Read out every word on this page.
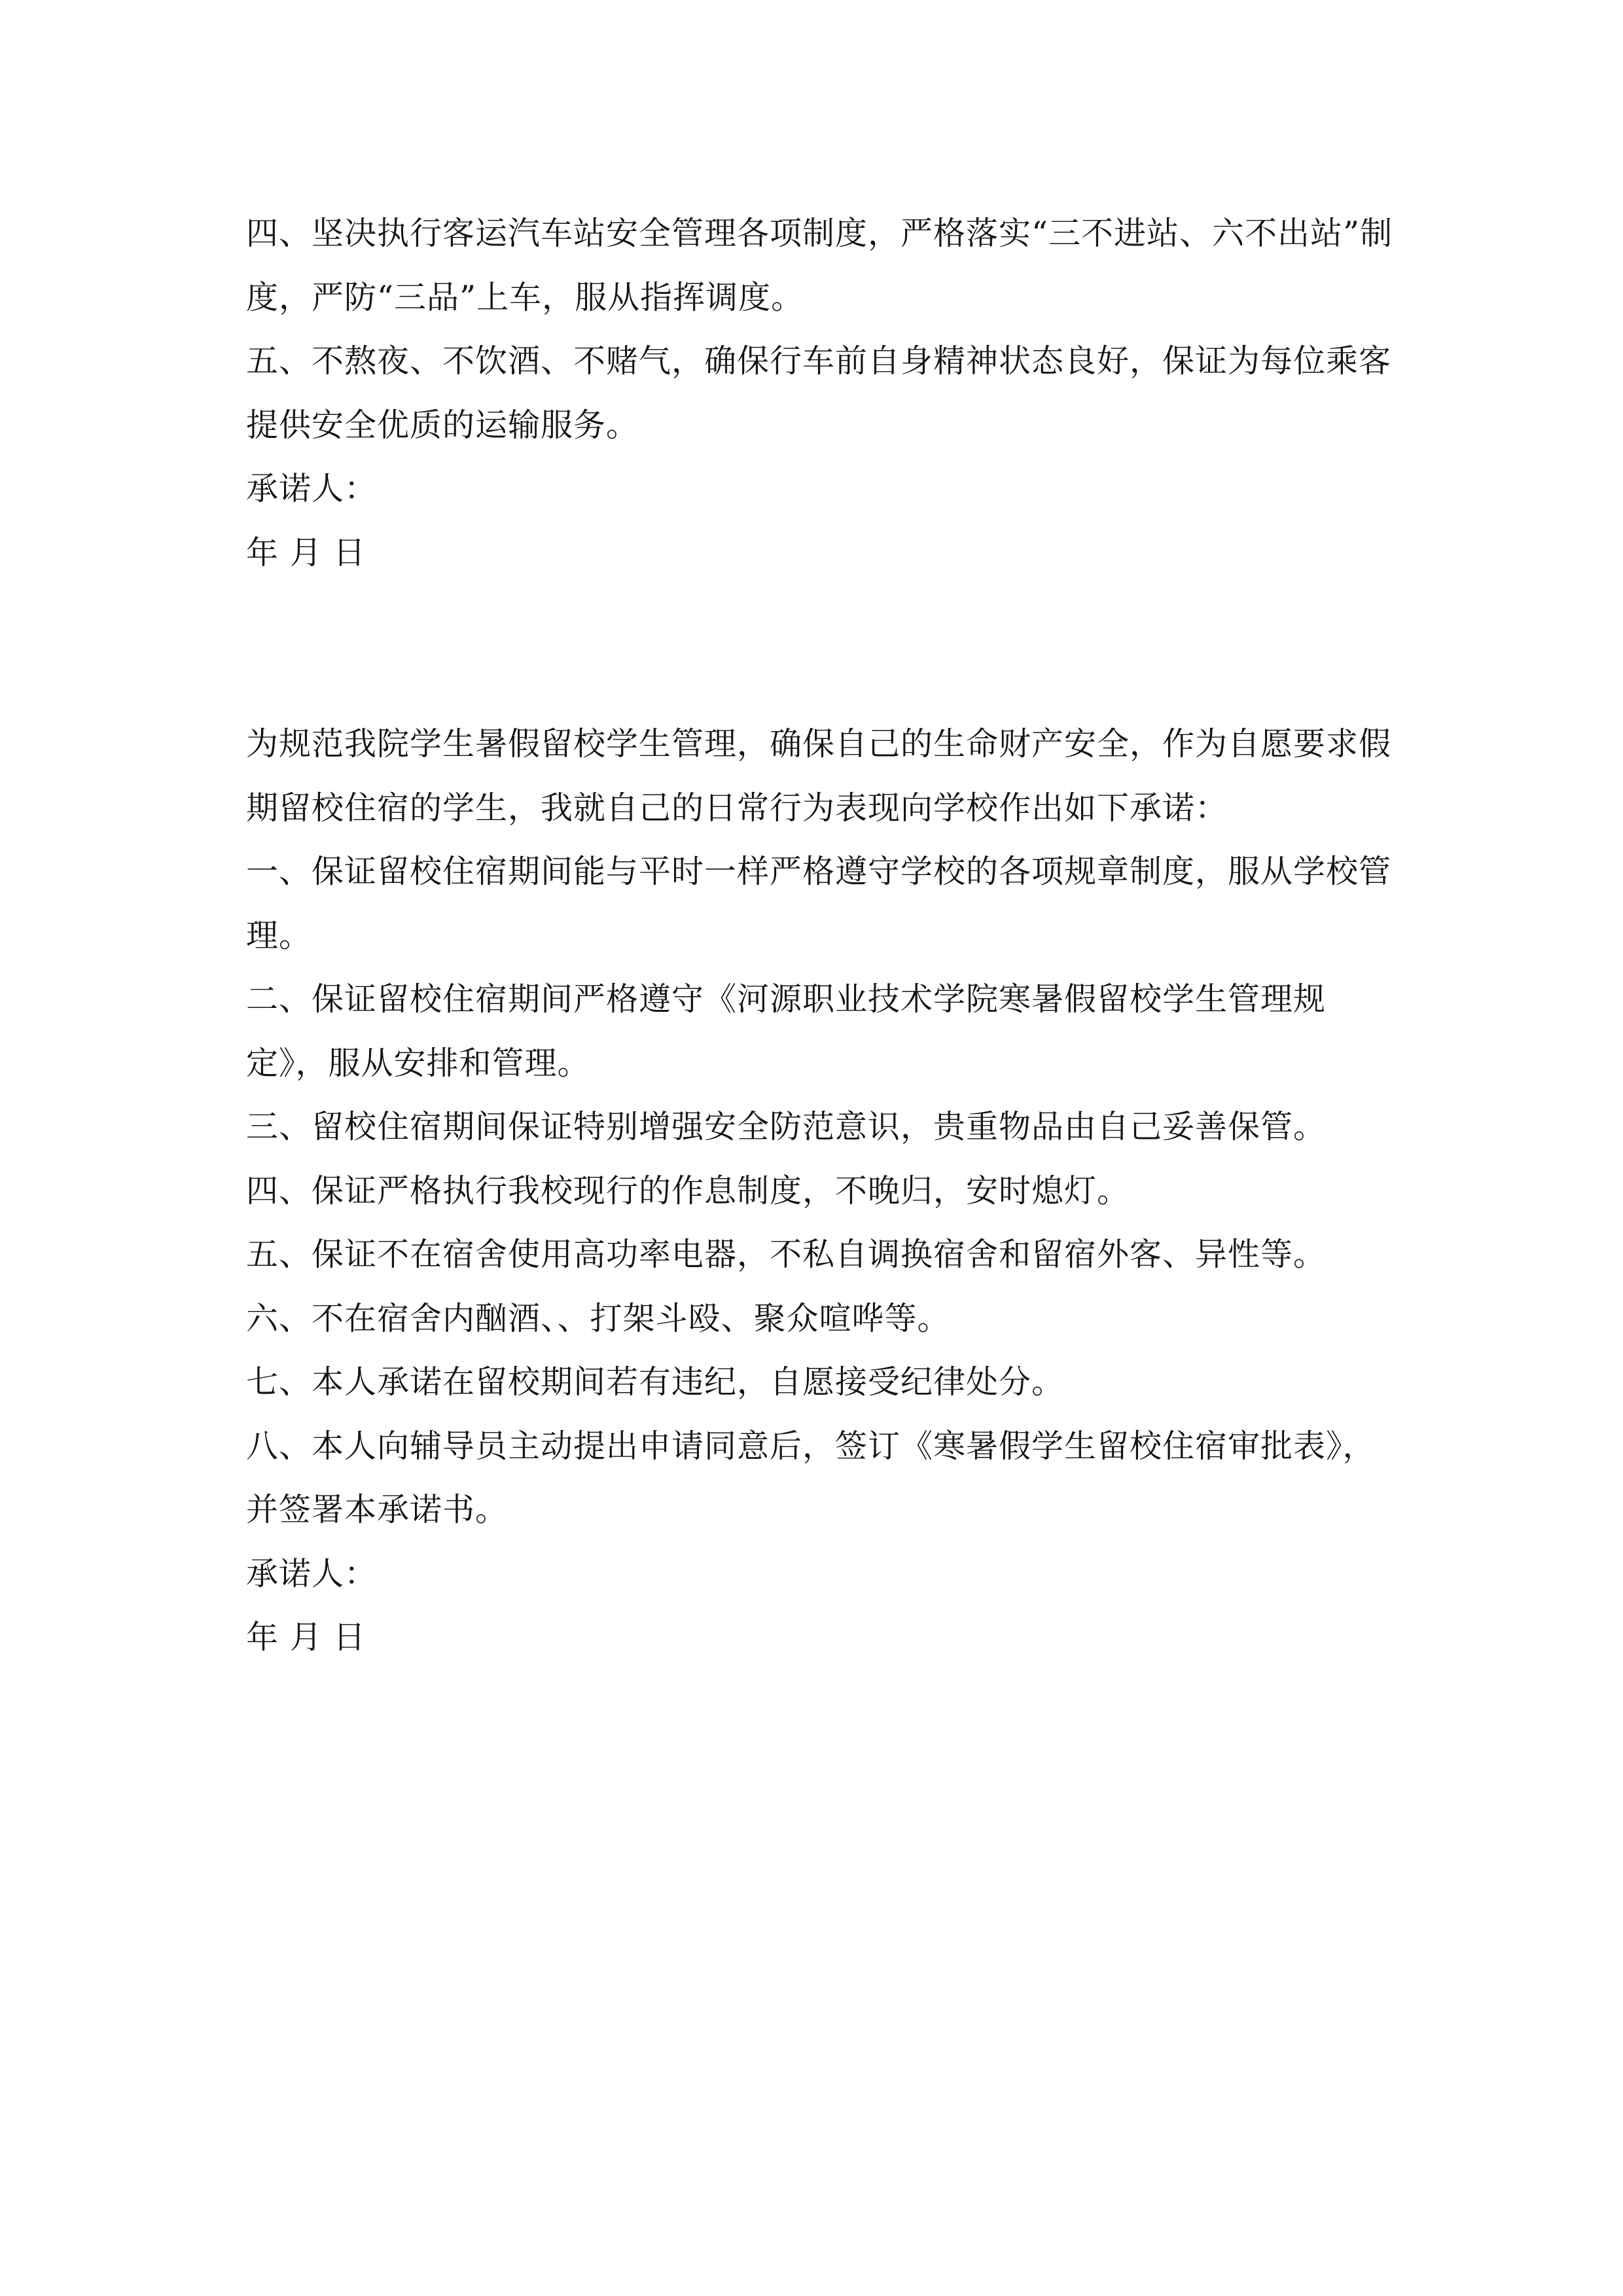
四、坚决执行客运汽车站安全管理各项制度，严格落实“三不进站、六不出站”制度，严防“三品”上车，服从指挥调度。

五、不熬夜、不饮酒、不赌气，确保行车前自身精神状态良好，保证为每位乘客提供安全优质的运输服务。

承诺人：

年 月 日

为规范我院学生暑假留校学生管理，确保自己的生命财产安全，作为自愿要求假期留校住宿的学生，我就自己的日常行为表现向学校作出如下承诺：

一、保证留校住宿期间能与平时一样严格遵守学校的各项规章制度，服从学校管理。

二、保证留校住宿期间严格遵守《河源职业技术学院寒暑假留校学生管理规定》，服从安排和管理。

三、留校住宿期间保证特别增强安全防范意识，贵重物品由自己妥善保管。

四、保证严格执行我校现行的作息制度，不晚归，安时熄灯。

五、保证不在宿舍使用高功率电器，不私自调换宿舍和留宿外客、异性等。

六、不在宿舍内酗酒、、打架斗殴、聚众喧哗等。

七、本人承诺在留校期间若有违纪，自愿接受纪律处分。

八、本人向辅导员主动提出申请同意后，签订《寒暑假学生留校住宿审批表》，并签署本承诺书。

承诺人：

年 月 日
